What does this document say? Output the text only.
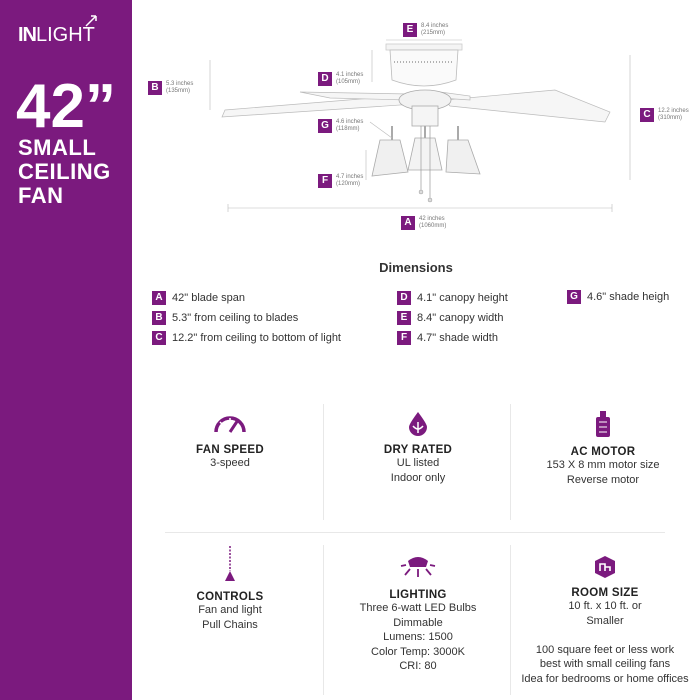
INLIGHT
42”
SMALL
CEILING
FAN
E	8.4 inches
(215mm)
B	5.3 inches
(135mm)
D	4.1 inches
(105mm)
C	12.2 inches
(310mm)
G	4.6 inches
(118mm)
F	4.7 inches
(120mm)
A	42 inches
(1060mm)
Dimensions
A 42" blade span
B 5.3" from ceiling to blades
C 12.2" from ceiling to bottom of light
D 4.1" canopy height
E 8.4" canopy width
F 4.7" shade width
G 4.6" shade heigh
FAN SPEED
3-speed
DRY RATED
UL listed
Indoor only
AC MOTOR
153 X 8 mm motor size
Reverse motor
CONTROLS
Fan and light
Pull Chains
LIGHTING
Three 6-watt LED Bulbs
Dimmable
Lumens: 1500
Color Temp: 3000K
CRI: 80
ROOM SIZE
10 ft. x 10 ft. or
Smaller
100 square feet or less work
best with small ceiling fans
Idea for bedrooms or home offices
